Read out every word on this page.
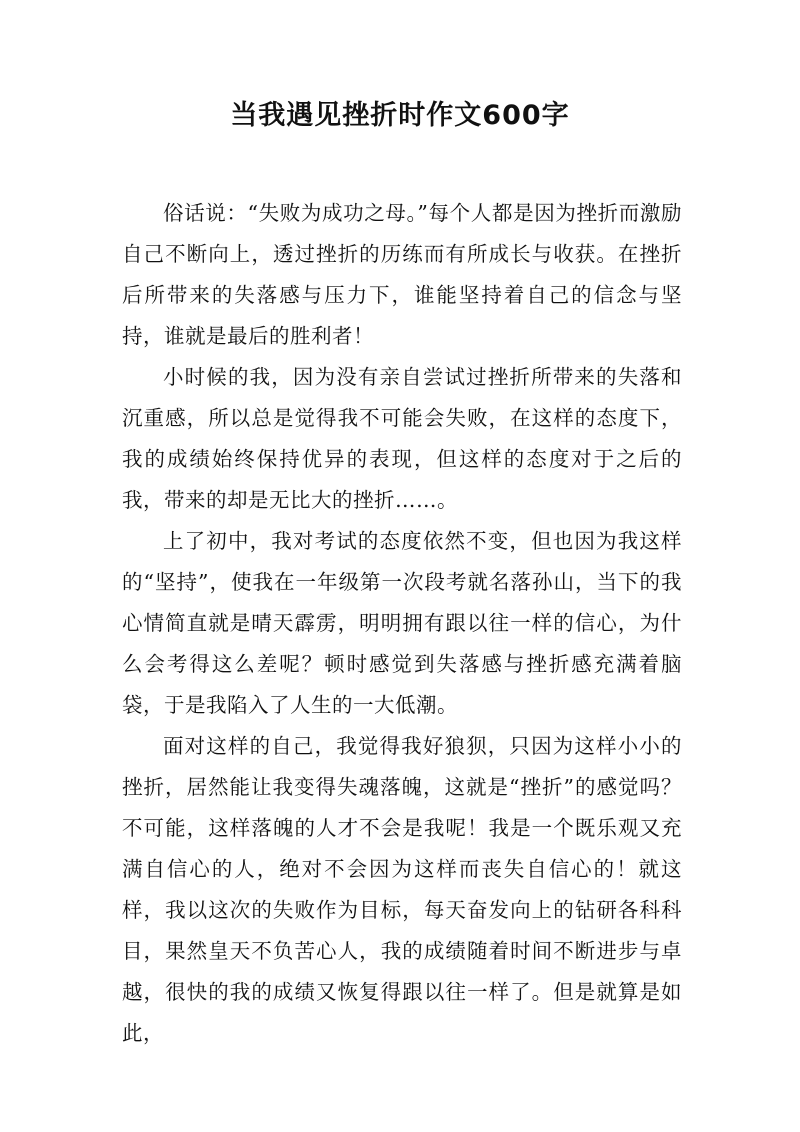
当我遇见挫折时作文600字

俗话说：“失败为成功之母。”每个人都是因为挫折而激励自己不断向上，透过挫折的历练而有所成长与收获。在挫折后所带来的失落感与压力下，谁能坚持着自己的信念与坚持，谁就是最后的胜利者！

小时候的我，因为没有亲自尝试过挫折所带来的失落和沉重感，所以总是觉得我不可能会失败，在这样的态度下，我的成绩始终保持优异的表现，但这样的态度对于之后的我，带来的却是无比大的挫折……。

上了初中，我对考试的态度依然不变，但也因为我这样的“坚持”，使我在一年级第一次段考就名落孙山，当下的我心情简直就是晴天霹雳，明明拥有跟以往一样的信心，为什么会考得这么差呢？顿时感觉到失落感与挫折感充满着脑袋，于是我陷入了人生的一大低潮。

面对这样的自己，我觉得我好狼狈，只因为这样小小的挫折，居然能让我变得失魂落魄，这就是“挫折”的感觉吗？不可能，这样落魄的人才不会是我呢！我是一个既乐观又充满自信心的人，绝对不会因为这样而丧失自信心的！就这样，我以这次的失败作为目标，每天奋发向上的钻研各科科目，果然皇天不负苦心人，我的成绩随着时间不断进步与卓越，很快的我的成绩又恢复得跟以往一样了。但是就算是如此，
